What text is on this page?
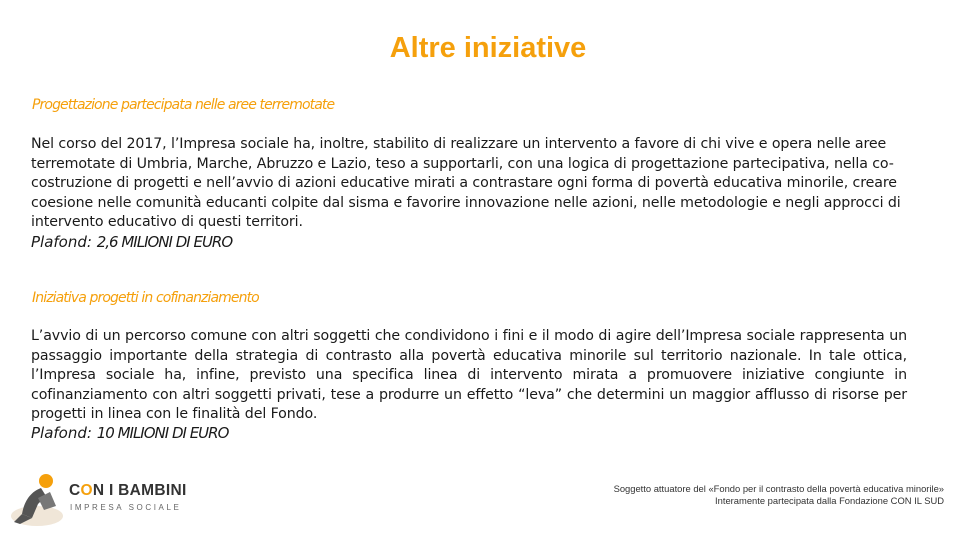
Altre iniziative
Progettazione partecipata nelle aree terremotate

Nel corso del 2017, l’Impresa sociale ha, inoltre, stabilito di realizzare un intervento a favore di chi vive e opera nelle aree terremotate di Umbria, Marche, Abruzzo e Lazio, teso a supportarli, con una logica di progettazione partecipativa, nella co-costruzione di progetti e nell’avvio di azioni educative mirati a contrastare ogni forma di povertà educativa minorile, creare coesione nelle comunità educanti colpite dal sisma e favorire innovazione nelle azioni, nelle metodologie e negli approcci di intervento educativo di questi territori.

Plafond: 2,6 MILIONI DI EURO
Iniziativa progetti in cofinanziamento

L’avvio di un percorso comune con altri soggetti che condividono i fini e il modo di agire dell’Impresa sociale rappresenta un passaggio importante della strategia di contrasto alla povertà educativa minorile sul territorio nazionale. In tale ottica, l’Impresa sociale ha, infine, previsto una specifica linea di intervento mirata a promuovere iniziative congiunte in cofinanziamento con altri soggetti privati, tese a produrre un effetto “leva” che determini un maggior afflusso di risorse per progetti in linea con le finalità del Fondo.

Plafond: 10 MILIONI DI EURO
CON I BAMBINI
IMPRESA SOCIALE
Soggetto attuatore del «Fondo per il contrasto della povertà educativa minorile»
Interamente partecipata dalla Fondazione CON IL SUD
